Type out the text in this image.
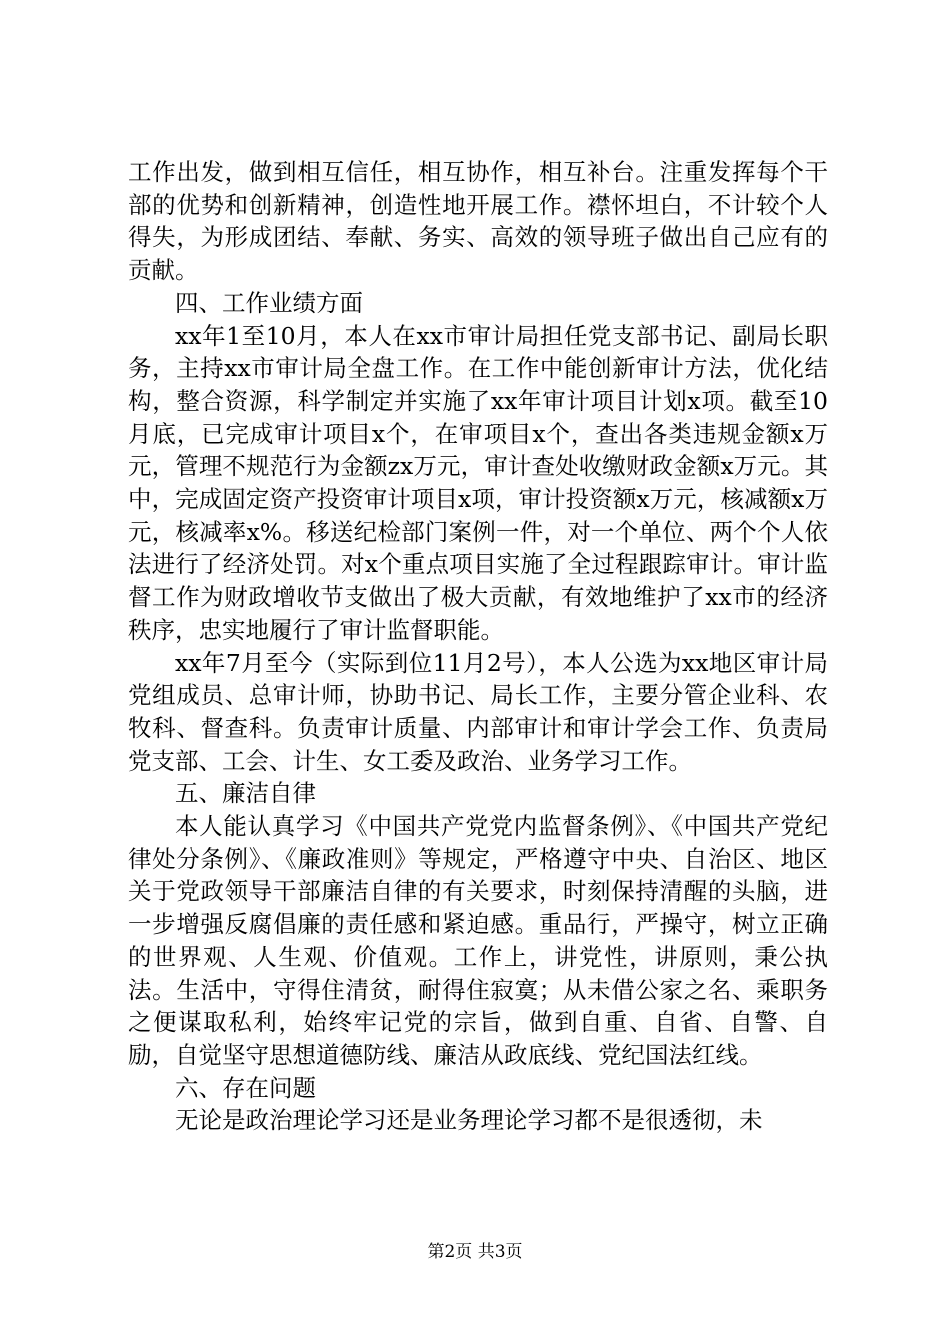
工作出发，做到相互信任，相互协作，相互补台。注重发挥每个干部的优势和创新精神，创造性地开展工作。襟怀坦白，不计较个人得失，为形成团结、奉献、务实、高效的领导班子做出自己应有的贡献。

四、工作业绩方面

xx年1至10月，本人在xx市审计局担任党支部书记、副局长职务，主持xx市审计局全盘工作。在工作中能创新审计方法，优化结构，整合资源，科学制定并实施了xx年审计项目计划x项。截至10月底，已完成审计项目x个，在审项目x个，查出各类违规金额x万元，管理不规范行为金额zx万元，审计查处收缴财政金额x万元。其中，完成固定资产投资审计项目x项，审计投资额x万元，核减额x万元，核减率x%。移送纪检部门案例一件，对一个单位、两个个人依法进行了经济处罚。对x个重点项目实施了全过程跟踪审计。审计监督工作为财政增收节支做出了极大贡献，有效地维护了xx市的经济秩序，忠实地履行了审计监督职能。

xx年7月至今（实际到位11月2号），本人公选为xx地区审计局党组成员、总审计师，协助书记、局长工作，主要分管企业科、农牧科、督查科。负责审计质量、内部审计和审计学会工作、负责局党支部、工会、计生、女工委及政治、业务学习工作。

五、廉洁自律

本人能认真学习《中国共产党党内监督条例》、《中国共产党纪律处分条例》、《廉政准则》等规定，严格遵守中央、自治区、地区关于党政领导干部廉洁自律的有关要求，时刻保持清醒的头脑，进一步增强反腐倡廉的责任感和紧迫感。重品行，严操守，树立正确的世界观、人生观、价值观。工作上，讲党性，讲原则，秉公执法。生活中，守得住清贫，耐得住寂寞；从未借公家之名、乘职务之便谋取私利，始终牢记党的宗旨，做到自重、自省、自警、自励，自觉坚守思想道德防线、廉洁从政底线、党纪国法红线。

六、存在问题

无论是政治理论学习还是业务理论学习都不是很透彻，未

第2页 共3页
